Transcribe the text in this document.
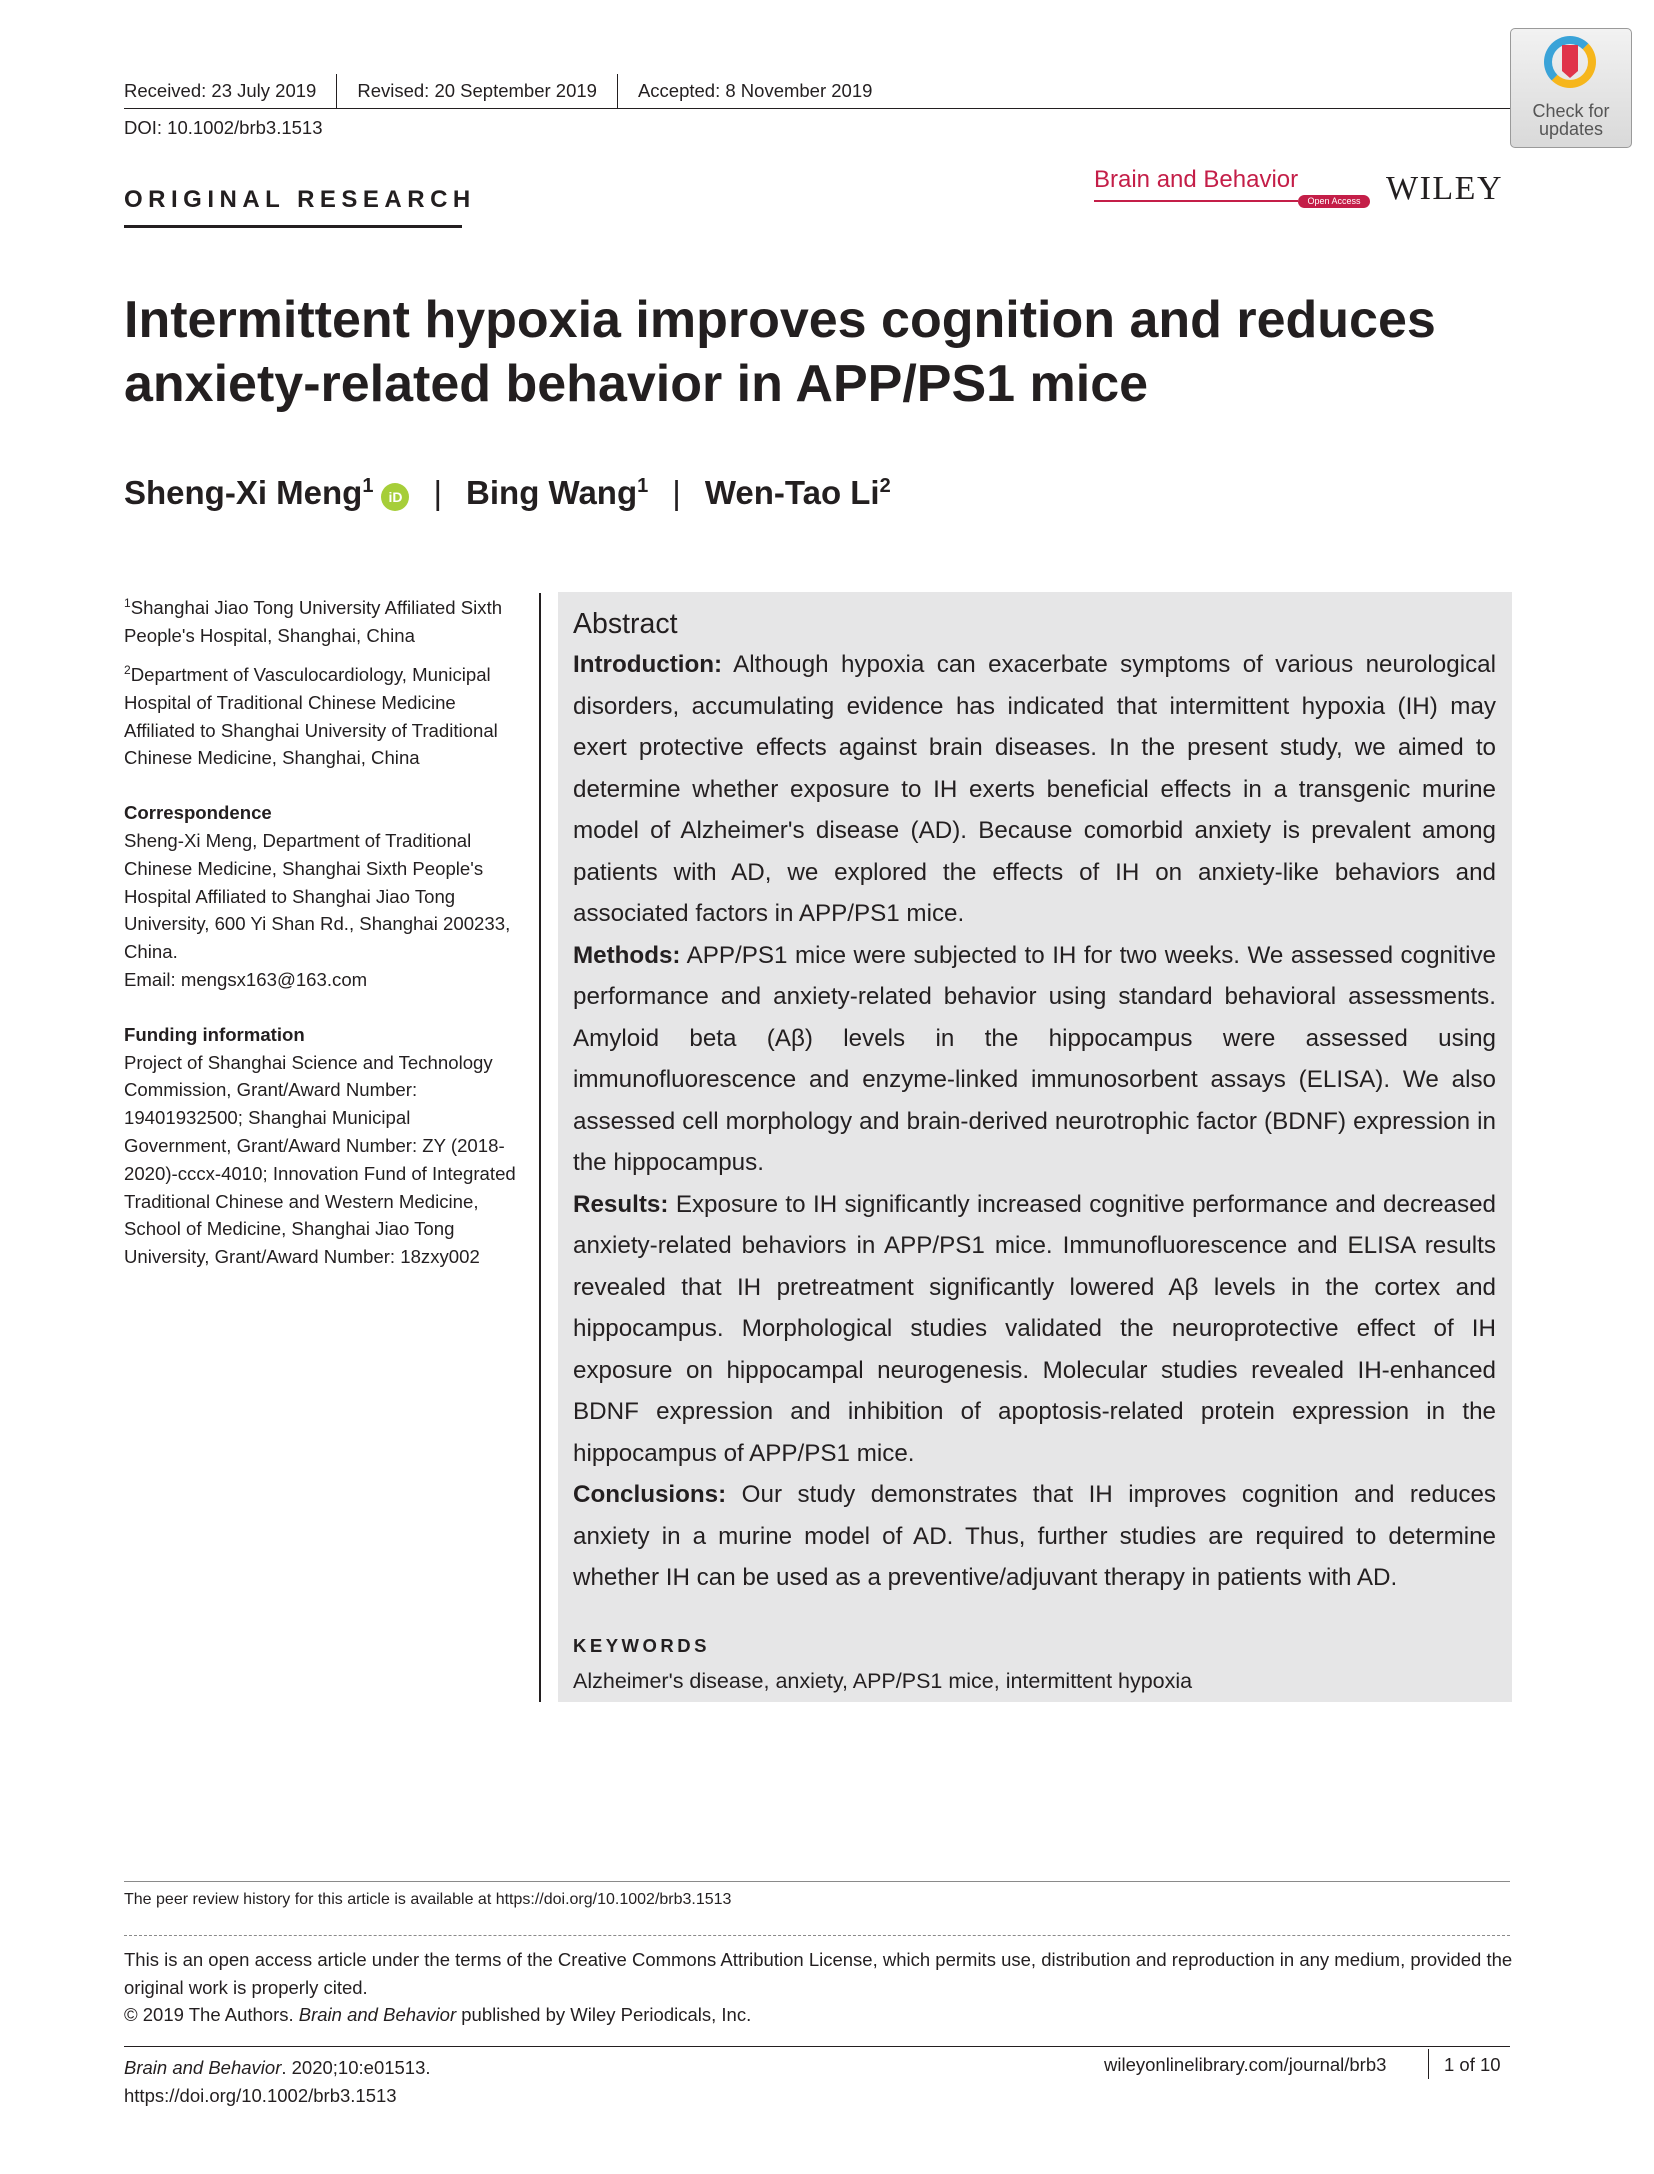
Received: 23 July 2019 Revised: 20 September 2019 Accepted: 8 November 2019
DOI: 10.1002/brb3.1513
Check for
updates
ORIGINAL RESEARCH
Brain and Behavior
Open Access WILEY
Intermittent hypoxia improves cognition and reduces anxiety-related behavior in APP/PS1 mice
Sheng-Xi Meng$^1$	iD | Bing Wang$^1$ | Wen-Tao Li$^2$

$^1$Shanghai Jiao Tong University Affiliated Sixth People's Hospital, Shanghai, China

$^2$Department of Vasculocardiology, Municipal Hospital of Traditional Chinese Medicine Affiliated to Shanghai University of Traditional Chinese Medicine, Shanghai, China

Correspondence

Sheng-Xi Meng, Department of Traditional Chinese Medicine, Shanghai Sixth People's Hospital Affiliated to Shanghai Jiao Tong University, 600 Yi Shan Rd., Shanghai 200233, China.

Email: mengsx163@163.com

Funding information

Project of Shanghai Science and Technology Commission, Grant/Award Number: 19401932500; Shanghai Municipal Government, Grant/Award Number: ZY (2018-2020)-cccx-4010; Innovation Fund of Integrated Traditional Chinese and Western Medicine, School of Medicine, Shanghai Jiao Tong University, Grant/Award Number: 18zxy002

Abstract

Introduction: Although hypoxia can exacerbate symptoms of various neurological disorders, accumulating evidence has indicated that intermittent hypoxia (IH) may exert protective effects against brain diseases. In the present study, we aimed to determine whether exposure to IH exerts beneficial effects in a transgenic murine model of Alzheimer's disease (AD). Because comorbid anxiety is prevalent among patients with AD, we explored the effects of IH on anxiety-like behaviors and associated factors in APP/PS1 mice.

Methods: APP/PS1 mice were subjected to IH for two weeks. We assessed cognitive performance and anxiety-related behavior using standard behavioral assessments. Amyloid beta (Aβ) levels in the hippocampus were assessed using immunofluorescence and enzyme-linked immunosorbent assays (ELISA). We also assessed cell morphology and brain-derived neurotrophic factor (BDNF) expression in the hippocampus.

Results: Exposure to IH significantly increased cognitive performance and decreased anxiety-related behaviors in APP/PS1 mice. Immunofluorescence and ELISA results revealed that IH pretreatment significantly lowered Aβ levels in the cortex and hippocampus. Morphological studies validated the neuroprotective effect of IH exposure on hippocampal neurogenesis. Molecular studies revealed IH-enhanced BDNF expression and inhibition of apoptosis-related protein expression in the hippocampus of APP/PS1 mice.

Conclusions: Our study demonstrates that IH improves cognition and reduces anxiety in a murine model of AD. Thus, further studies are required to determine whether IH can be used as a preventive/adjuvant therapy in patients with AD.

KEYWORDS
Alzheimer's disease, anxiety, APP/PS1 mice, intermittent hypoxia
The peer review history for this article is available at https://doi.org/10.1002/brb3.1513

This is an open access article under the terms of the Creative Commons Attribution License, which permits use, distribution and reproduction in any medium, provided the original work is properly cited.

© 2019 The Authors. Brain and Behavior published by Wiley Periodicals, Inc.

Brain and Behavior. 2020;10:e01513.
https://doi.org/10.1002/brb3.1513
wileyonlinelibrary.com/journal/brb3	1 of 10
